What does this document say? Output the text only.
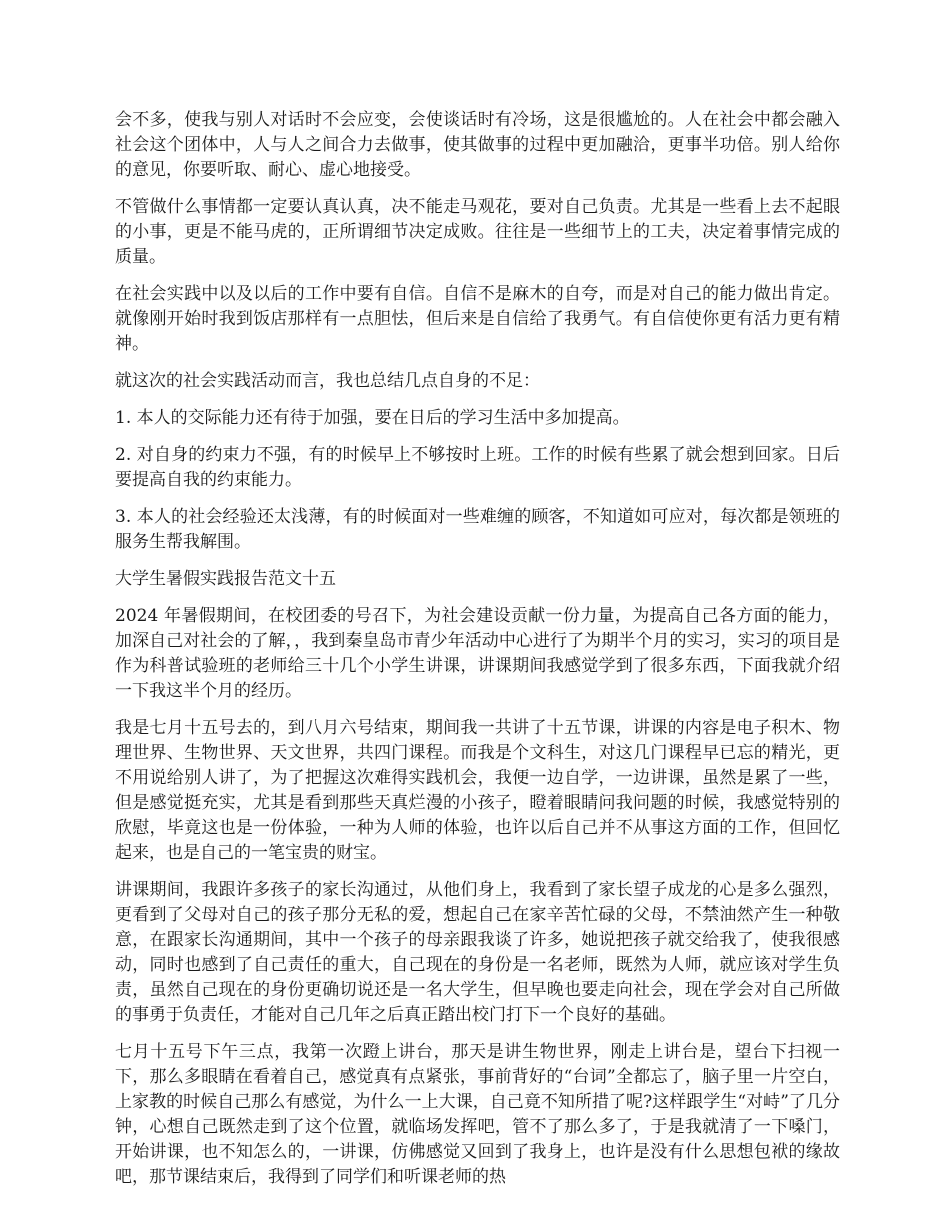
会不多，使我与别人对话时不会应变，会使谈话时有冷场，这是很尴尬的。人在社会中都会融入社会这个团体中，人与人之间合力去做事，使其做事的过程中更加融洽，更事半功倍。别人给你的意见，你要听取、耐心、虚心地接受。

不管做什么事情都一定要认真认真，决不能走马观花，要对自己负责。尤其是一些看上去不起眼的小事，更是不能马虎的，正所谓细节决定成败。往往是一些细节上的工夫，决定着事情完成的质量。

在社会实践中以及以后的工作中要有自信。自信不是麻木的自夸，而是对自己的能力做出肯定。就像刚开始时我到饭店那样有一点胆怯，但后来是自信给了我勇气。有自信使你更有活力更有精神。

就这次的社会实践活动而言，我也总结几点自身的不足：

1. 本人的交际能力还有待于加强，要在日后的学习生活中多加提高。

2. 对自身的约束力不强，有的时候早上不够按时上班。工作的时候有些累了就会想到回家。日后要提高自我的约束能力。

3. 本人的社会经验还太浅薄，有的时候面对一些难缠的顾客，不知道如可应对，每次都是领班的服务生帮我解围。

大学生暑假实践报告范文十五

2024 年暑假期间，在校团委的号召下，为社会建设贡献一份力量，为提高自己各方面的能力，加深自己对社会的了解，，我到秦皇岛市青少年活动中心进行了为期半个月的实习，实习的项目是作为科普试验班的老师给三十几个小学生讲课，讲课期间我感觉学到了很多东西，下面我就介绍一下我这半个月的经历。

我是七月十五号去的，到八月六号结束，期间我一共讲了十五节课，讲课的内容是电子积木、物理世界、生物世界、天文世界，共四门课程。而我是个文科生，对这几门课程早已忘的精光，更不用说给别人讲了，为了把握这次难得实践机会，我便一边自学，一边讲课，虽然是累了一些，但是感觉挺充实，尤其是看到那些天真烂漫的小孩子，瞪着眼睛问我问题的时候，我感觉特别的欣慰，毕竟这也是一份体验，一种为人师的体验，也许以后自己并不从事这方面的工作，但回忆起来，也是自己的一笔宝贵的财宝。

讲课期间，我跟许多孩子的家长沟通过，从他们身上，我看到了家长望子成龙的心是多么强烈，更看到了父母对自己的孩子那分无私的爱，想起自己在家辛苦忙碌的父母，不禁油然产生一种敬意，在跟家长沟通期间，其中一个孩子的母亲跟我谈了许多，她说把孩子就交给我了，使我很感动，同时也感到了自己责任的重大，自己现在的身份是一名老师，既然为人师，就应该对学生负责，虽然自己现在的身份更确切说还是一名大学生，但早晚也要走向社会，现在学会对自己所做的事勇于负责任，才能对自己几年之后真正踏出校门打下一个良好的基础。

七月十五号下午三点，我第一次蹬上讲台，那天是讲生物世界，刚走上讲台是，望台下扫视一下，那么多眼睛在看着自己，感觉真有点紧张，事前背好的“台词”全都忘了，脑子里一片空白，上家教的时候自己那么有感觉，为什么一上大课，自己竟不知所措了呢?这样跟学生“对峙”了几分钟，心想自己既然走到了这个位置，就临场发挥吧，管不了那么多了，于是我就清了一下嗓门，开始讲课，也不知怎么的，一讲课，仿佛感觉又回到了我身上，也许是没有什么思想包袱的缘故吧，那节课结束后，我得到了同学们和听课老师的热
